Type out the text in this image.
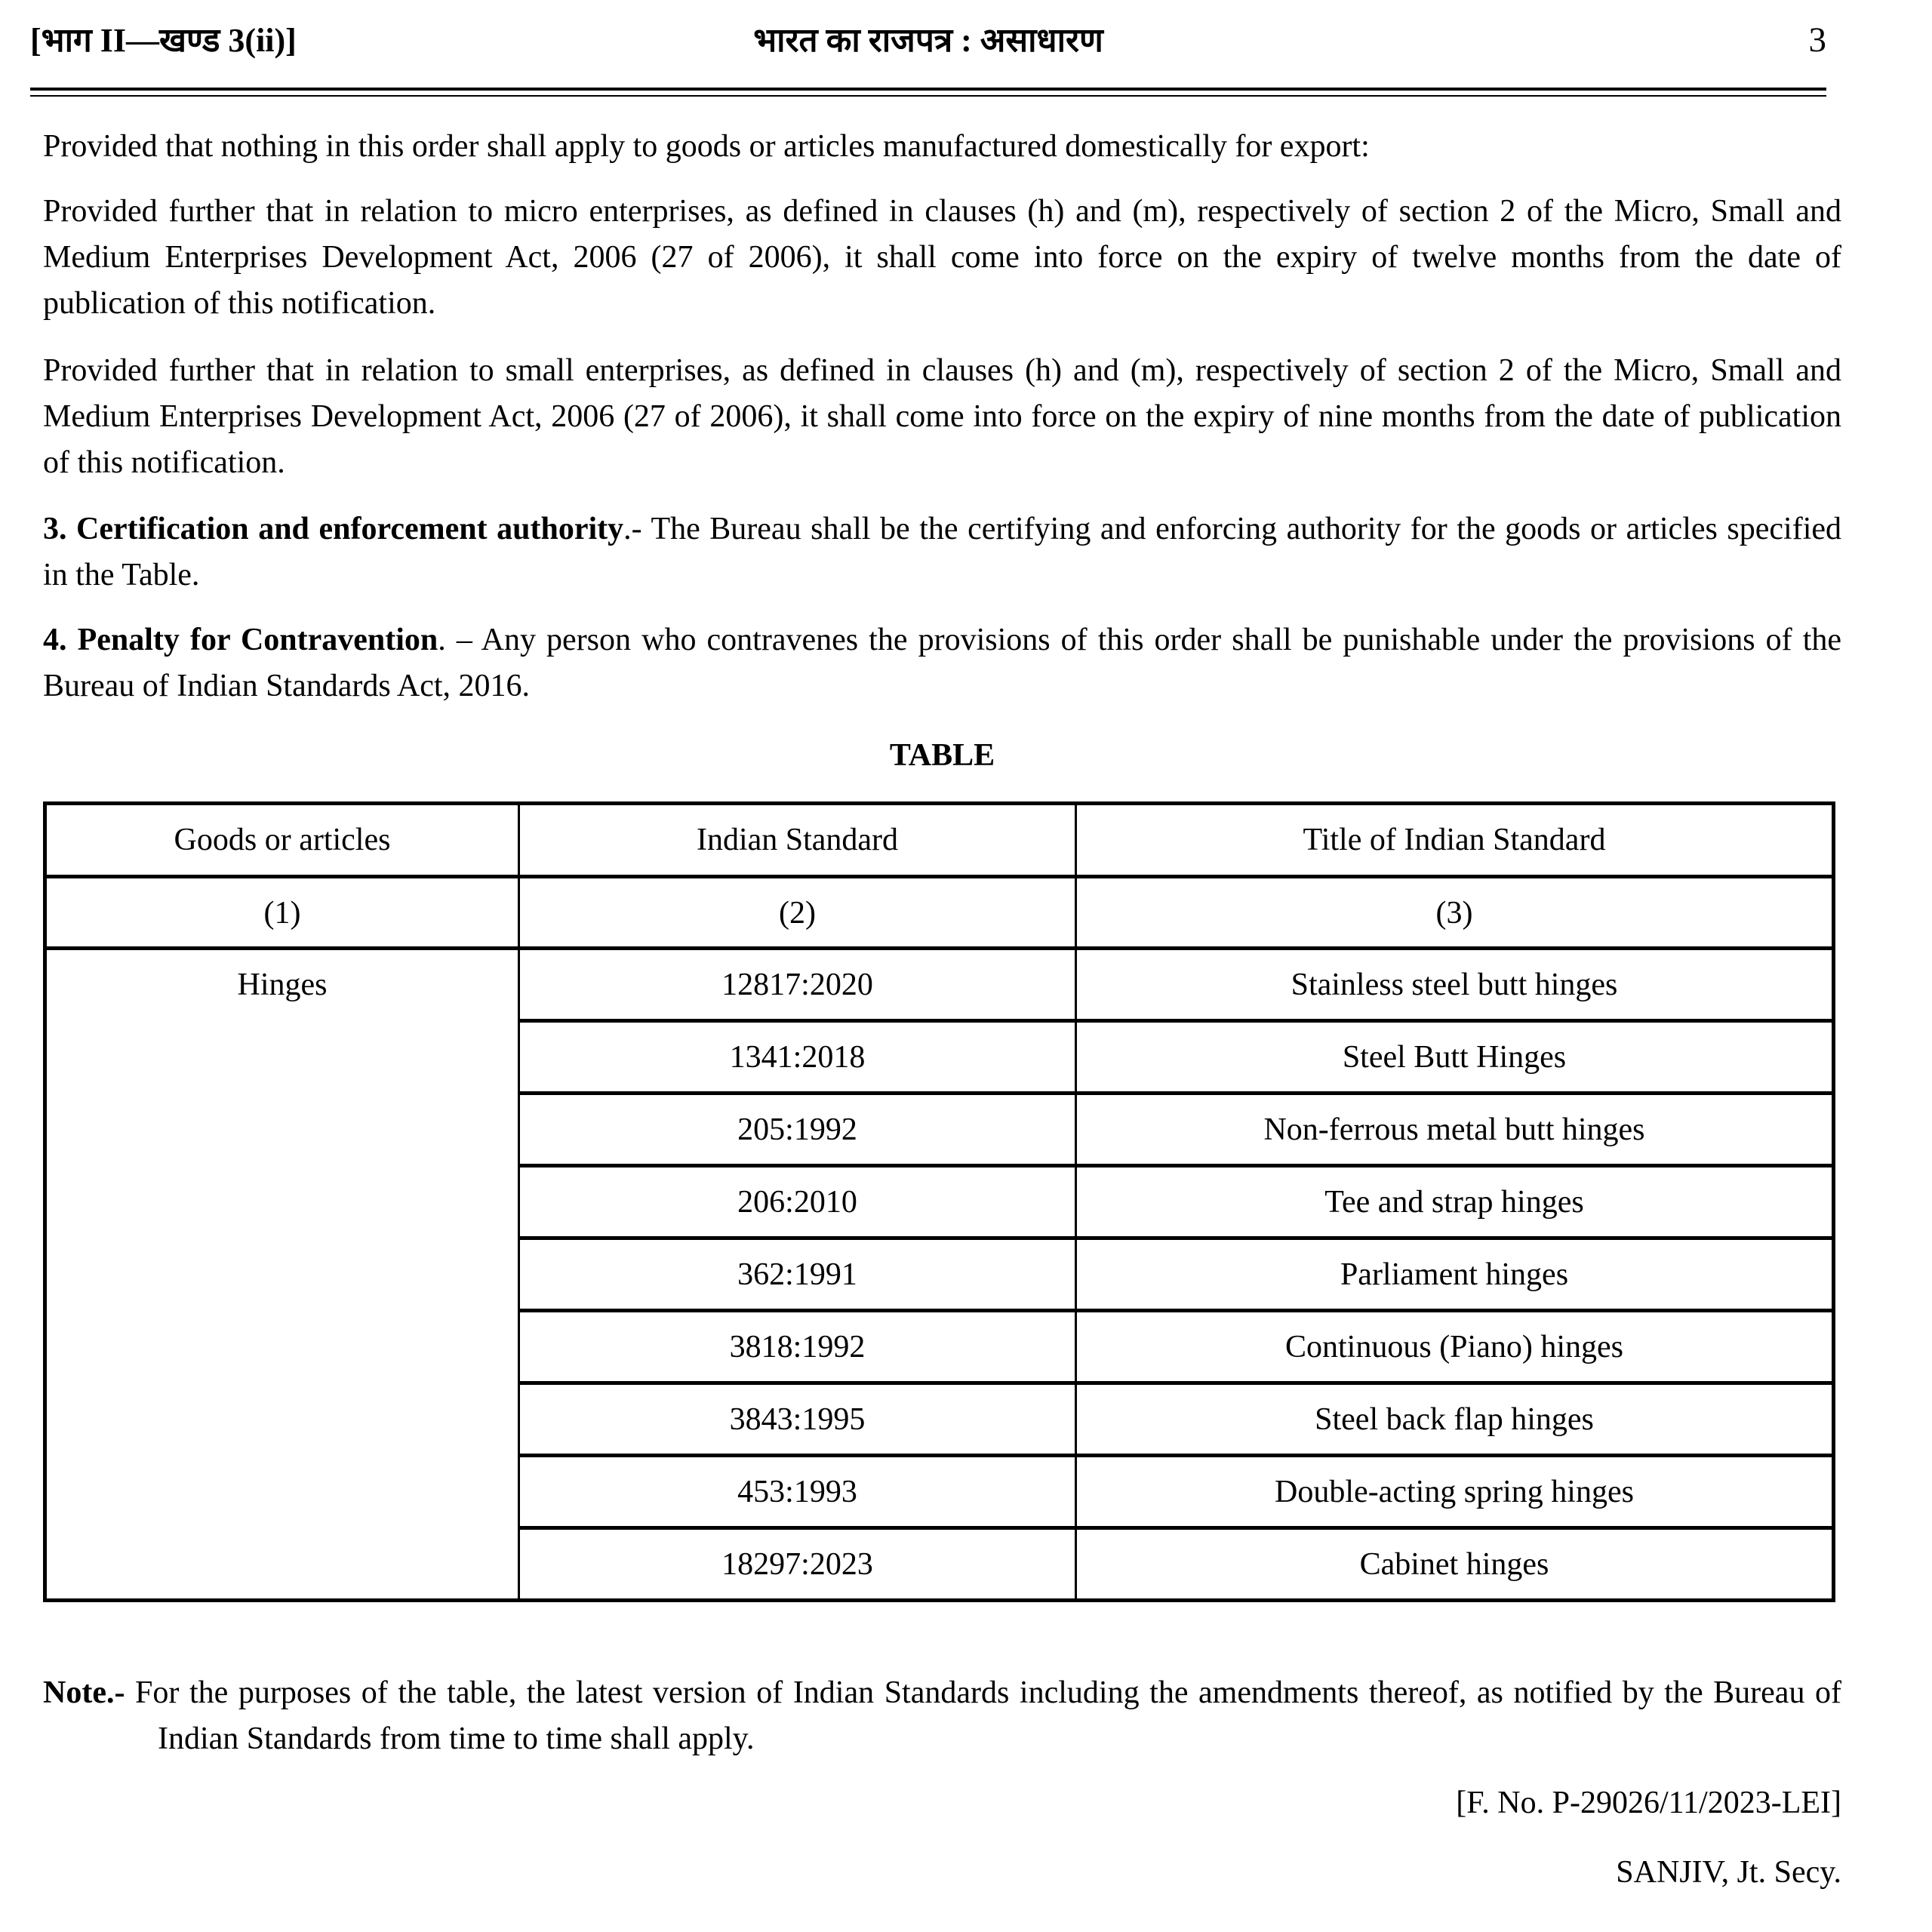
[भाग II—खण्ड 3(ii)]	भारत का राजपत्र : असाधारण	3

Provided that nothing in this order shall apply to goods or articles manufactured domestically for export:

Provided further that in relation to micro enterprises, as defined in clauses (h) and (m), respectively of section 2 of the Micro, Small and Medium Enterprises Development Act, 2006 (27 of 2006), it shall come into force on the expiry of twelve months from the date of publication of this notification.

Provided further that in relation to small enterprises, as defined in clauses (h) and (m), respectively of section 2 of the Micro, Small and Medium Enterprises Development Act, 2006 (27 of 2006), it shall come into force on the expiry of nine months from the date of publication of this notification.

3. Certification and enforcement authority.- The Bureau shall be the certifying and enforcing authority for the goods or articles specified in the Table.

4. Penalty for Contravention. – Any person who contravenes the provisions of this order shall be punishable under the provisions of the Bureau of Indian Standards Act, 2016.

TABLE
Goods or articles	Indian Standard	Title of Indian Standard
(1)	(2)	(3)
Hinges	12817:2020	Stainless steel butt hinges
	1341:2018	Steel Butt Hinges
	205:1992	Non-ferrous metal butt hinges
	206:2010	Tee and strap hinges
	362:1991	Parliament hinges
	3818:1992	Continuous (Piano) hinges
	3843:1995	Steel back flap hinges
	453:1993	Double-acting spring hinges
	18297:2023	Cabinet hinges

Note.- For the purposes of the table, the latest version of Indian Standards including the amendments thereof, as notified by the Bureau of Indian Standards from time to time shall apply.

[F. No. P-29026/11/2023-LEI]

SANJIV, Jt. Secy.
